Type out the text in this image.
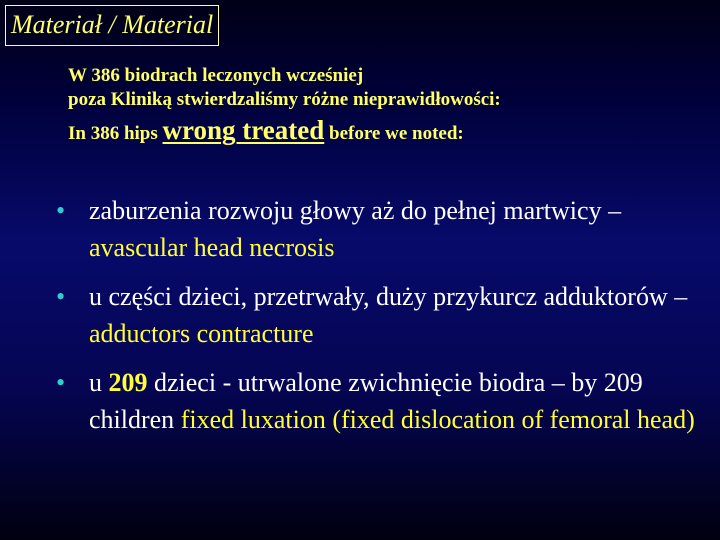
Materiał / Material
W 386 biodrach leczonych wcześniej
poza Kliniką stwierdzaliśmy różne nieprawidłowości:
In 386 hips wrong treated before we noted:
• zaburzenia rozwoju głowy aż do pełnej martwicy – avascular head necrosis
• u części dzieci, przetrwały, duży przykurcz adduktorów – adductors contracture
• u 209 dzieci - utrwalone zwichnięcie biodra – by 209 children fixed luxation (fixed dislocation of femoral head)
